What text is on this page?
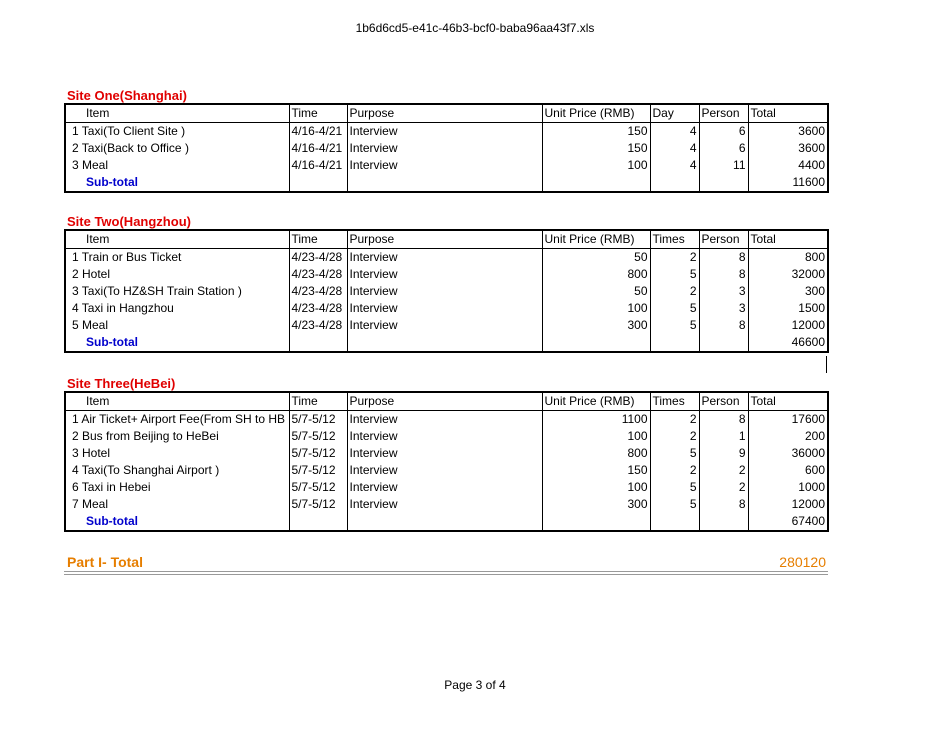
1b6d6cd5-e41c-46b3-bcf0-baba96aa43f7.xls
Site One(Shanghai)
Item	Time	Purpose	Unit Price (RMB)	Day	Person	Total
1 Taxi(To Client Site )	4/16-4/21	Interview	150	4	6	3600
2 Taxi(Back to Office )	4/16-4/21	Interview	150	4	6	3600
3 Meal	4/16-4/21	Interview	100	4	11	4400
Sub-total						11600
Site Two(Hangzhou)
Item	Time	Purpose	Unit Price (RMB)	Times	Person	Total
1 Train or Bus Ticket	4/23-4/28	Interview	50	2	8	800
2 Hotel	4/23-4/28	Interview	800	5	8	32000
3 Taxi(To HZ&SH Train Station )	4/23-4/28	Interview	50	2	3	300
4 Taxi in Hangzhou	4/23-4/28	Interview	100	5	3	1500
5 Meal	4/23-4/28	Interview	300	5	8	12000
Sub-total						46600
Site Three(HeBei)
Item	Time	Purpose	Unit Price (RMB)	Times	Person	Total
1 Air Ticket+ Airport Fee(From SH to HB	5/7-5/12	Interview	1100	2	8	17600
2 Bus from Beijing to HeBei	5/7-5/12	Interview	100	2	1	200
3 Hotel	5/7-5/12	Interview	800	5	9	36000
4 Taxi(To Shanghai Airport )	5/7-5/12	Interview	150	2	2	600
6 Taxi in Hebei	5/7-5/12	Interview	100	5	2	1000
7 Meal	5/7-5/12	Interview	300	5	8	12000
Sub-total						67400
Part I- Total	280120
Page 3 of 4
